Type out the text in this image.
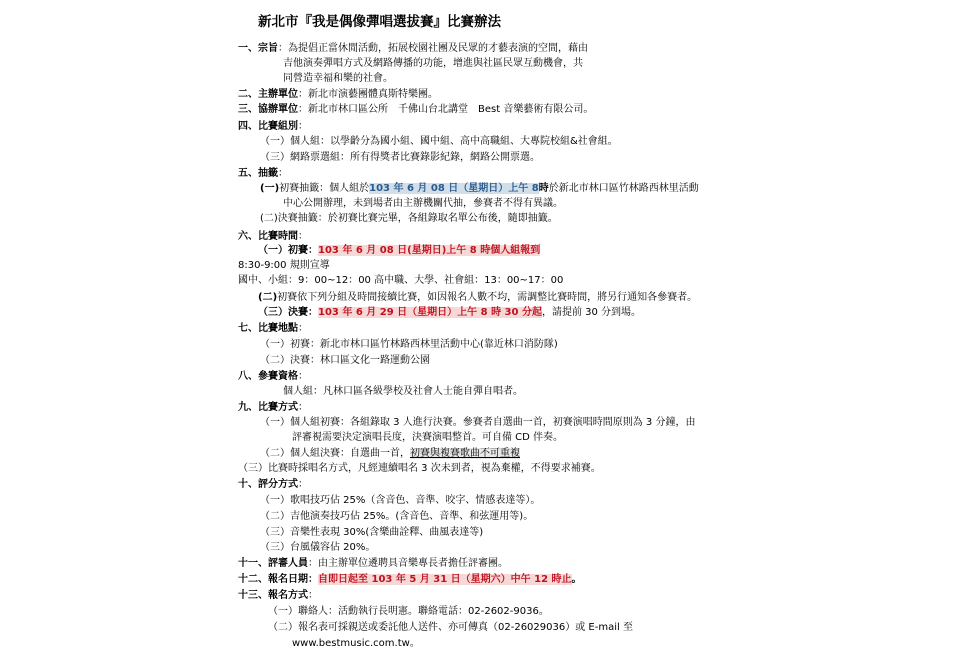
新北市『我是偶像彈唱選拔賽』比賽辦法
一、宗旨：為提倡正當休閒活動，拓展校園社團及民眾的才藝表演的空間，藉由
吉他演奏彈唱方式及網路傳播的功能，增進與社區民眾互動機會，共
同營造幸福和樂的社會。
二、主辦單位：新北市演藝團體真斯特樂團。
三、協辦單位：新北市林口區公所　千佛山台北講堂　Best 音樂藝術有限公司。
四、比賽組別：
（一）個人組：以學齡分為國小組、國中組、高中高職組、大專院校組&社會組。
（三）網路票選組：所有得獎者比賽錄影紀錄，網路公開票選。
五、抽籤：
(一)初賽抽籤：個人組於103 年 6 月 08 日（星期日）上午 8時於新北市林口區竹林路西林里活動
中心公開辦理，未到場者由主辦機關代抽，參賽者不得有異議。
(二)決賽抽籤：於初賽比賽完畢，各組錄取名單公布後，隨即抽籤。
六、比賽時間：
（一）初賽：103 年 6 月 08 日(星期日)上午 8 時個人組報到
8:30-9:00 規則宣導
國中、小組：9：00~12：00 高中職、大學、社會組：13：00~17：00
(二)初賽依下列分組及時間接續比賽，如因報名人數不均，需調整比賽時間，將另行通知各參賽者。
（三）決賽：103 年 6 月 29 日（星期日）上午 8 時 30 分起，請提前 30 分到場。
七、比賽地點：
（一）初賽：新北市林口區竹林路西林里活動中心(靠近林口消防隊)
（二）決賽：林口區文化一路運動公園
八、參賽資格：
個人組：凡林口區各級學校及社會人士能自彈自唱者。
九、比賽方式：
（一）個人組初賽：各組錄取 3 人進行決賽。參賽者自選曲一首，初賽演唱時間原則為 3 分鐘，由
評審視需要決定演唱長度，決賽演唱整首。可自備 CD 伴奏。
（二）個人組決賽：自選曲一首，初賽與複賽歌曲不可重複
（三）比賽時採唱名方式，凡經連續唱名 3 次未到者，視為棄權，不得要求補賽。
十、評分方式：
（一）歌唱技巧佔 25%（含音色、音準、咬字、情感表達等）。
（二）吉他演奏技巧佔 25%。(含音色、音準、和弦運用等)。
（三）音樂性表現 30%(含樂曲詮釋、曲風表達等)
（三）台風儀容佔 20%。
十一、評審人員：由主辦單位遴聘具音樂專長者擔任評審團。
十二、報名日期：自即日起至 103 年 5 月 31 日（星期六）中午 12 時止。
十三、報名方式：
（一）聯絡人：活動執行長明憲。聯絡電話：02-2602-9036。
（二）報名表可採親送或委託他人送件、亦可傳真（02-26029036）或 E-mail 至
www.bestmusic.com.tw。
